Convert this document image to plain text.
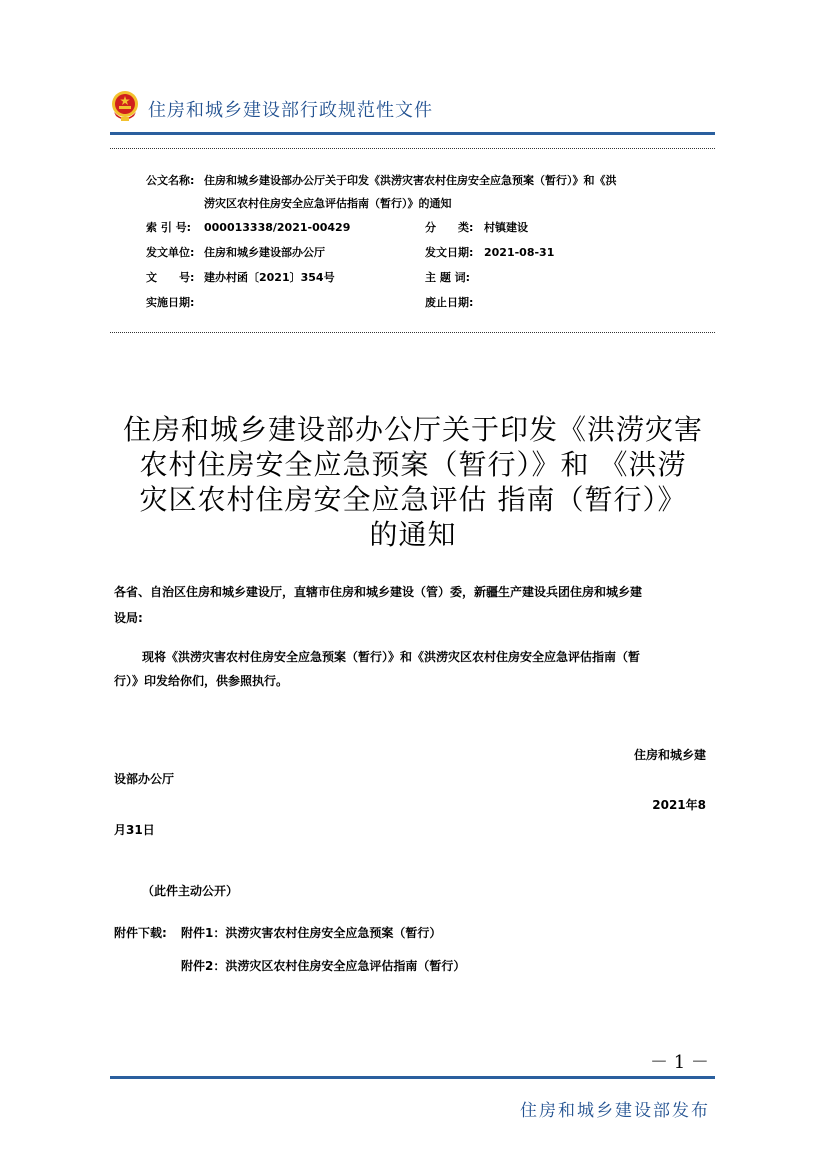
住房和城乡建设部行政规范性文件
公文名称: 住房和城乡建设部办公厅关于印发《洪涝灾害农村住房安全应急预案（暂行）》和《洪
涝灾区农村住房安全应急评估指南（暂行）》的通知
索 引 号: 000013338/2021-00429	分　　类: 村镇建设
发文单位: 住房和城乡建设部办公厅	发文日期: 2021-08-31
文　　号: 建办村函〔2021〕354号	主 题 词:
实施日期:	废止日期:
住房和城乡建设部办公厅关于印发《洪涝灾害
农村住房安全应急预案（暂行）》和 《洪涝
灾区农村住房安全应急评估 指南（暂行）》
的通知
各省、自治区住房和城乡建设厅，直辖市住房和城乡建设（管）委，新疆生产建设兵团住房和城乡建
设局:
现将《洪涝灾害农村住房安全应急预案（暂行）》和《洪涝灾区农村住房安全应急评估指南（暂
行）》印发给你们，供参照执行。
住房和城乡建
设部办公厅
2021年8
月31日
（此件主动公开）
附件下载: 附件1：洪涝灾害农村住房安全应急预案（暂行）
附件2：洪涝灾区农村住房安全应急评估指南（暂行）
－ 1 －
住房和城乡建设部发布
